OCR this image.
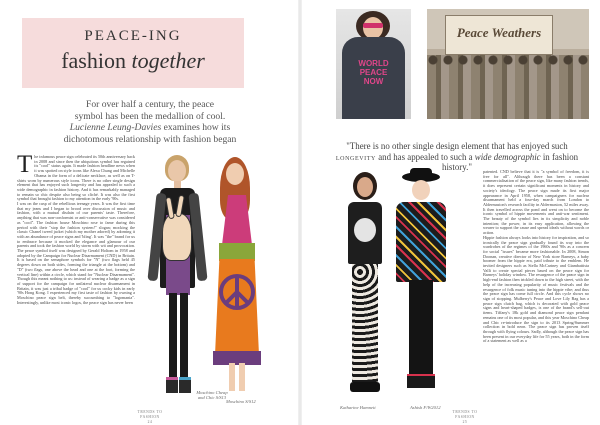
PEACE-ING
fashion together
For over half a century, the peace
symbol has been the medallion of cool.
Lucienne Leung-Davies examines how its
dichotomous relationship with fashion began
T he infamous peace sign celebrated its 50th anniversary back in 2008 and since then the ubiquitous symbol has regained its "cool" status again. It made fashion headline news when it was spotted on style icons like Alexa Chung and Michelle Obama in the form of a delicate necklace, as well as on T-shirts worn by numerous style icons. There is no other single design element that has enjoyed such longevity and has appealed to such a wide demographic in fashion history. And it has remarkably managed to remain so chic despite also being so cliché. It was also the first symbol that brought fashion to my attention in the early '90s.

I was on the cusp of the rebellious teenage years. It was the first time that my jeans and I began to brood over discussion of music and fashion, with a mutual disdain of our parents' taste. Therefore, anything that was non-conformist or anti-conservative was considered as "cool". The fashion house Moschino rose to fame during this period with their "stop the fashion system!" slogan; mocking the classic Chanel tweed jacket (which my mother adored) by adorning it with an abundance of peace signs and 'bling'. It was "the" brand for us to embrace because it mocked the elegance and glamour of our parents and took the fashion world by storm with wit and provocation. The peace symbol itself was designed by Gerald Holtom in 1958 and adopted by the Campaign for Nuclear Disarmament (CND) in Britain. It is based on the semaphore symbols for "N" (two flags held 45 degrees down on both sides, forming the triangle at the bottom) and "D" (two flags, one above the head and one at the foot, forming the vertical line) within a circle, which stand for "Nuclear Disarmament". Though this meant nothing to us: instead of wearing a badge as a sign of support for the campaign for unilateral nuclear disarmament in Britain, it was just a tribal badge of "cool" for us cocky kids in early '90s Hong Kong. I experienced my first taste of fashion by owning a Moschino peace sign belt, thereby succumbing to "logomania". Interestingly, unlike most iconic logos, the peace sign has never been

Moschino Cheap
and Chic S/S13
Moschino S/S12
TRENDS TO FASHION
24
WORLD
PEACE
NOW
Peace Weathers
"There is no other single design element that has enjoyed such longevity and has appealed to such a wide demographic in fashion history."
Katharine Hamnett	Ashish F/W2012

patented. CND believe that it is "a symbol of freedom, it is free for all". Although there has been a constant commercialisation of the peace sign, like many fashion trends, it does represent certain significant moments in history and society's ideology. The peace sign made its first major appearance in April 1958, when campaigners for nuclear disarmament held a four-day march from London to Aldermaston's research facility in Aldermaston, 52 miles away. It then travelled across the pond and went on to become the iconic symbol of hippie movements and anti-war sentiment. The beauty of the symbol lies in its simplicity and noble intention; the power, in its easy application, allowing the wearer to support the cause and spread ideals without words or action.

Hippie fashion always looks into history for inspiration, and so ironically the peace sign gradually found its way into the wardrobes of the regimes of the 1960s and '90s as a concern for social "issues" became more fashionable. In 2008, Simon Doonan, creative director of New York store Barneys, a baby boomer from the hippie era, paid tribute to the emblem. He invited designers such as Stella McCartney and Giambattista Valli to create special pieces based on the peace sign for Barneys' holiday window. The resurgence of the peace sign in high-end fashion then trickled down to the high street, with the help of the increasing popularity of music festivals and the resurgence of folk music tuning into the hippie vibe; and thus the peace sign has come full circle. And this cycle shows no sign of stopping. Mulberry's Peace and Love Lily Bag has a peace sign clutch bag, which is decorated with gold peace signs and heart-shaped badges, is one of the brand's sell-out items. Tiffany's 18k gold and diamond peace sign pendant remains one of its most popular, and this year Moschino Cheap and Chic re-introduce the sign to its 2013 Spring/Summer collection in bold neon. The peace sign has proven itself through with flying colours. Sadly, although the peace sign has been present in our everyday life for 55 years, both in the form of a statement as well as a

TRENDS TO FASHION
25
